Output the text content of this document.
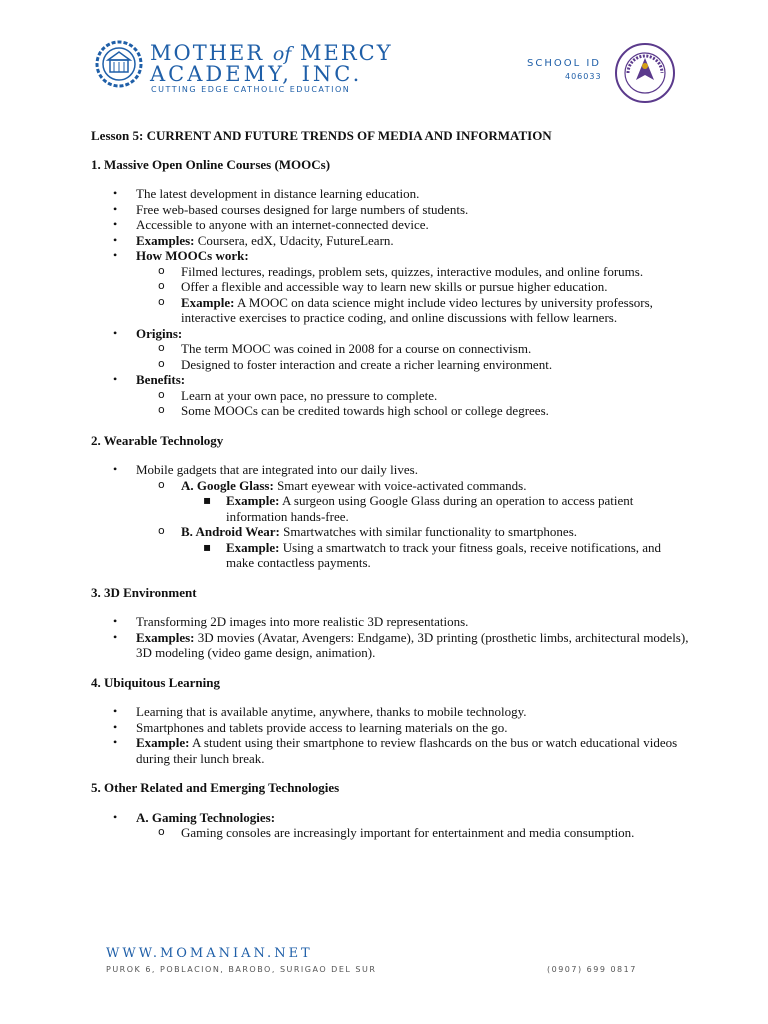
MOTHER of MERCY
ACADEMY, INC.
CUTTING EDGE CATHOLIC EDUCATION
SCHOOL ID
406033
Lesson 5: CURRENT AND FUTURE TRENDS OF MEDIA AND INFORMATION
1. Massive Open Online Courses (MOOCs)
• The latest development in distance learning education.
• Free web-based courses designed for large numbers of students.
• Accessible to anyone with an internet-connected device.
• Examples: Coursera, edX, Udacity, FutureLearn.
• How MOOCs work:
o Filmed lectures, readings, problem sets, quizzes, interactive modules, and online forums.
o Offer a flexible and accessible way to learn new skills or pursue higher education.
o Example: A MOOC on data science might include video lectures by university professors, interactive exercises to practice coding, and online discussions with fellow learners.
• Origins:
o The term MOOC was coined in 2008 for a course on connectivism.
o Designed to foster interaction and create a richer learning environment.
• Benefits:
o Learn at your own pace, no pressure to complete.
o Some MOOCs can be credited towards high school or college degrees.
2. Wearable Technology
• Mobile gadgets that are integrated into our daily lives.
o A. Google Glass: Smart eyewear with voice-activated commands.
▪ Example: A surgeon using Google Glass during an operation to access patient information hands-free.
o B. Android Wear: Smartwatches with similar functionality to smartphones.
▪ Example: Using a smartwatch to track your fitness goals, receive notifications, and make contactless payments.
3. 3D Environment
• Transforming 2D images into more realistic 3D representations.
• Examples: 3D movies (Avatar, Avengers: Endgame), 3D printing (prosthetic limbs, architectural models), 3D modeling (video game design, animation).
4. Ubiquitous Learning
• Learning that is available anytime, anywhere, thanks to mobile technology.
• Smartphones and tablets provide access to learning materials on the go.
• Example: A student using their smartphone to review flashcards on the bus or watch educational videos during their lunch break.
5. Other Related and Emerging Technologies
• A. Gaming Technologies:
o Gaming consoles are increasingly important for entertainment and media consumption.
WWW.MOMANIAN.NET
PUROK 6, POBLACION, BAROBO, SURIGAO DEL SUR	(0907) 699 0817
